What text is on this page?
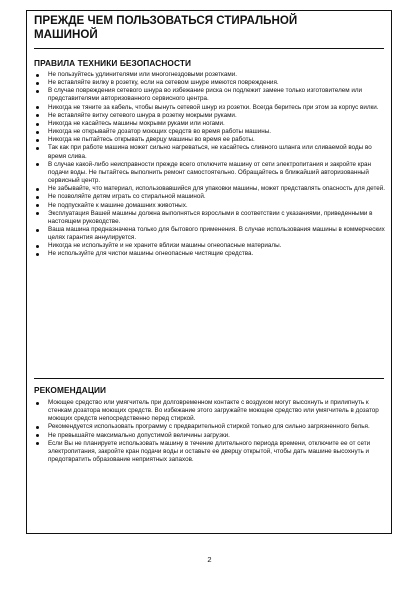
ПРЕЖДЕ ЧЕМ ПОЛЬЗОВАТЬСЯ СТИРАЛЬНОЙ МАШИНОЙ
ПРАВИЛА ТЕХНИКИ БЕЗОПАСНОСТИ
Не пользуйтесь удлинителями или многогнездовыми розетками.
Не вставляйте вилку в розетку, если на сетевом шнуре имеются повреждения.
В случае повреждения сетевого шнура во избежание риска он подлежит замене только изготовителем или представителями авторизованного сервисного центра.
Никогда не тяните за кабель, чтобы вынуть сетевой шнур из розетки. Всегда беритесь при этом за корпус вилки.
Не вставляйте витку сетевого шнура в розетку мокрыми руками.
Никогда не касайтесь машины мокрыми руками или ногами.
Никогда не открывайте дозатор моющих средств во время работы машины.
Никогда не пытайтесь открывать дверцу машины во время ее работы.
Так как при работе машина может сильно нагреваться, не касайтесь сливного шланга или сливаемой воды во время слива.
В случае какой-либо неисправности прежде всего отключите машину от сети электропитания и закройте кран подачи воды. Не пытайтесь выполнить ремонт самостоятельно. Обращайтесь в ближайший авторизованный сервисный центр.
Не забывайте, что материал, использовавшийся для упаковки машины, может представлять опасность для детей.
Не позволяйте детям играть со стиральной машиной.
Не подпускайте к машине домашних животных.
Эксплуатация Вашей машины должна выполняться взрослыми в соответствии с указаниями, приведенными в настоящем руководстве.
Ваша машина предназначена только для бытового применения. В случае использования машины в коммерческих целях гарантия аннулируется.
Никогда не используйте и не храните вблизи машины огнеопасные материалы.
Не используйте для чистки машины огнеопасные чистящие средства.
РЕКОМЕНДАЦИИ
Моющее средство или умягчитель при долговременном контакте с воздухом могут высохнуть и прилипнуть к стенкам дозатора моющих средств. Во избежание этого загружайте моющее средство или умягчитель в дозатор моющих средств непосредственно перед стиркой.
Рекомендуется использовать программу с предварительной стиркой только для сильно загрязненного белья.
Не превышайте максимально допустимой величины загрузки.
Если Вы не планируете использовать машину в течение длительного периода времени, отключите ее от сети электропитания, закройте кран подачи воды и оставьте ее дверцу открытой, чтобы дать машине высохнуть и предотвратить образование неприятных запахов.

2
